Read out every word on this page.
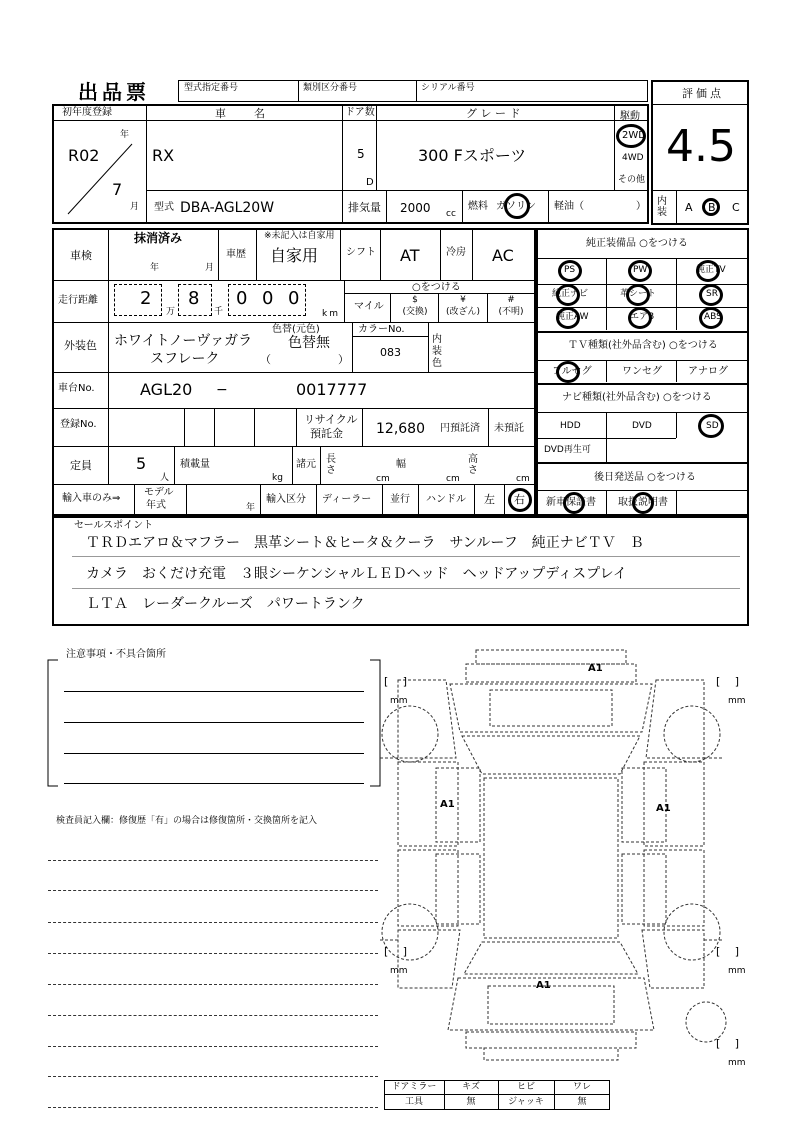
出品票	型式指定番号	類別区分番号	シリアル番号	評価点
4.5
内装 A B C
初年度登録	車　　名	ドア数	グ レ ー ド	駆動
年
R02
7
月
RX	5
D
300 Fスポーツ
2WD
4WD
その他
型式 DBA-AGL20W	排気量 2000 cc
燃料 ガソリン 軽油（	）
車検
抹消済み
年	月
車歴
※未記入は自家用
自家用	シフト AT	冷房 AC
走行距離 2
万
8
千
0 0 0
km
○をつける
マイル
$
(交換)
¥
(改ざん)
#
(不明)
外装色 ホワイトノーヴァガラ
スフレーク
色替(元色)
色替無
（	）
カラーNo.
083
内装色
車台No.	AGL20 −	0017777
登録No.	リサイクル
預託金 12,680 円預託済 未預託
定員	5
人
積載量
kg
諸元 長さ
cm
幅
cm
高さ
cm
輸入車のみ⇒
モデル
年式	年
輸入区分 ディーラー 並行 ハンドル 左 右
純正装備品 ○をつける
PS	PW	純正TV
純正ナビ	革シート	SR
純正AW	エアB	ABS
ＴＶ種類(社外品含む) ○をつける
フルセグ	ワンセグ	アナログ
ナビ種類(社外品含む) ○をつける
HDD	DVD	SD
DVD再生可
後日発送品 ○をつける
新車保証書 取扱説明書
セールスポイント
ＴＲＤエアロ＆マフラー　黒革シート＆ヒータ＆クーラ　サンルーフ　純正ナビＴＶ　Ｂ
カメラ　おくだけ充電　３眼シーケンシャルＬＥＤヘッド　ヘッドアップディスプレイ
ＬＴＡ　レーダークルーズ　パワートランク
注意事項・不具合箇所
検査員記入欄：修復歴「有」の場合は修復箇所・交換箇所を記入
[　 ]
mm
[　 ]
mm
[　 ]
mm
[　 ]
mm
[　 ]
mm
A1
A1	A1
A1
ドアミラー	キズ	ヒビ	ワレ
工具	無	ジャッキ	無
